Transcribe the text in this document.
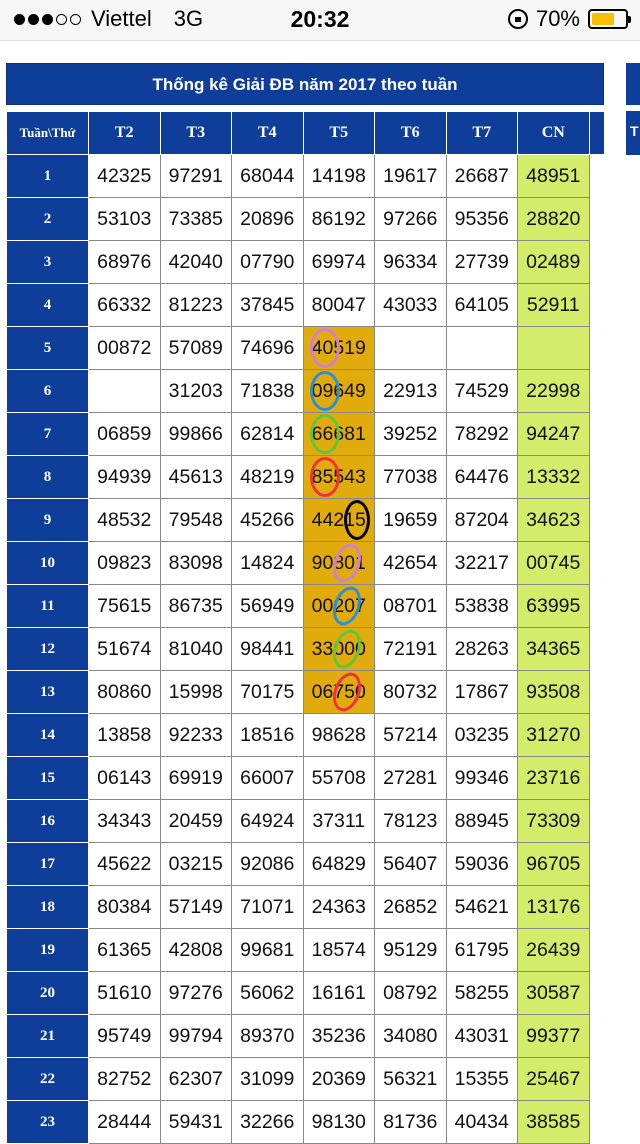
Viettel 3G	20:32	70%
Thống kê Giải ĐB năm 2017 theo tuần
Tuần\Thứ	T2	T3	T4	T5	T6	T7	CN	
1	42325	97291	68044	14198	19617	26687	48951	
2	53103	73385	20896	86192	97266	95356	28820	
3	68976	42040	07790	69974	96334	27739	02489	
4	66332	81223	37845	80047	43033	64105	52911	
5	00872	57089	74696	40519

6		31203	71838	09649	22913	74529	22998	
7	06859	99866	62814	66681	39252	78292	94247	
8	94939	45613	48219	85543	77038	64476	13332	
9	48532	79548	45266	44215	19659	87204	34623	
10	09823	83098	14824	90801	42654	32217	00745	
11	75615	86735	56949	00207	08701	53838	63995	
12	51674	81040	98441	33000	72191	28263	34365	
13	80860	15998	70175	06750	80732	17867	93508	
14	13858	92233	18516	98628	57214	03235	31270	
15	06143	69919	66007	55708	27281	99346	23716	
16	34343	20459	64924	37311	78123	88945	73309	
17	45622	03215	92086	64829	56407	59036	96705	
18	80384	57149	71071	24363	26852	54621	13176	
19	61365	42808	99681	18574	95129	61795	26439	
20	51610	97276	56062	16161	08792	58255	30587	
21	95749	99794	89370	35236	34080	43031	99377	
22	82752	62307	31099	20369	56321	15355	25467	
23	28444	59431	32266	98130	81736	40434	38585	
T
